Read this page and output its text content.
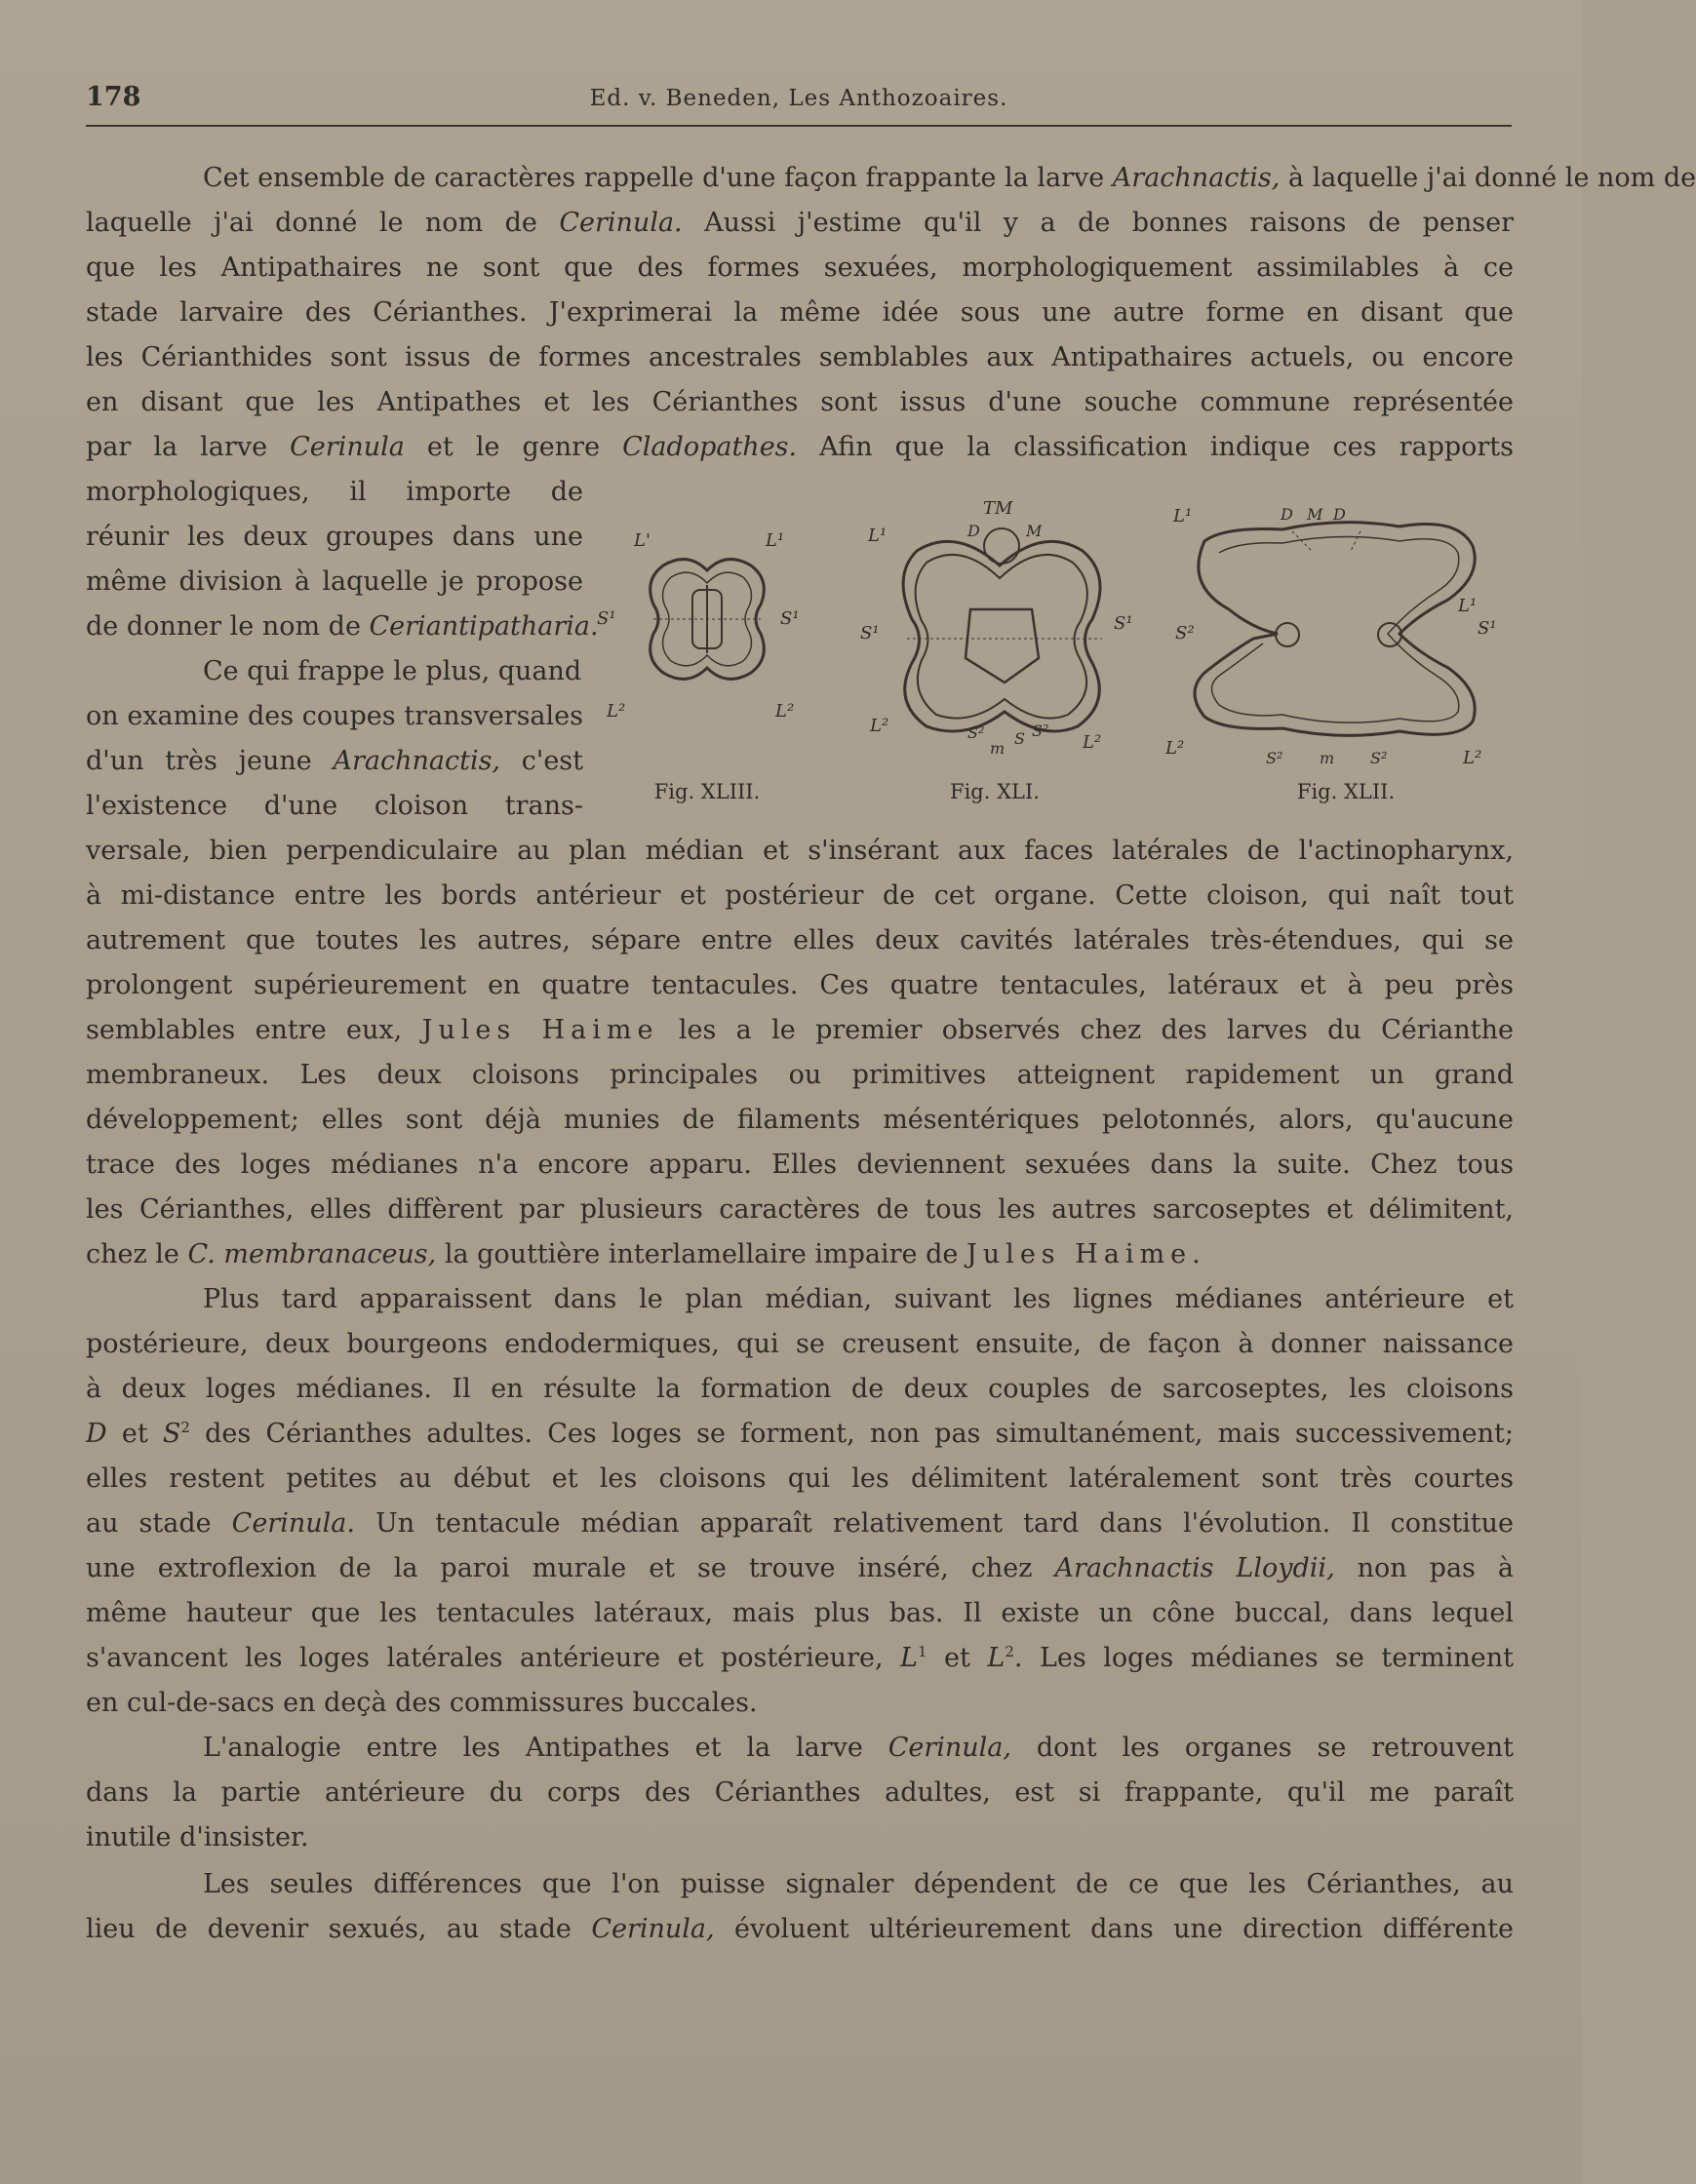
178	Ed. v. Beneden, Les Anthozoaires.
Cet ensemble de caractères rappelle d'une façon frappante la larve Arachnactis, à laquelle j'ai donné le nom de
laquelle j'ai donné le nom de Cerinula. Aussi j'estime qu'il y a de bonnes raisons de penser
que les Antipathaires ne sont que des formes sexuées, morphologiquement assimilables à ce
stade larvaire des Cérianthes. J'exprimerai la même idée sous une autre forme en disant que
les Cérianthides sont issus de formes ancestrales semblables aux Antipathaires actuels, ou encore
en disant que les Antipathes et les Cérianthes sont issus d'une souche commune représentée
par la larve Cerinula et le genre Cladopathes. Afin que la classification indique ces rapports
morphologiques, il importe de
réunir les deux groupes dans une
même division à laquelle je propose
de donner le nom de Ceriantipatharia.
Ce qui frappe le plus, quand
on examine des coupes transversales
d'un très jeune Arachnactis, c'est
l'existence d'une cloison trans-
L'	L¹
S¹	S¹
L²	L²
Fig. XLIII.
TM
D	M
L¹
S¹	S¹
L²	S²
m
S S²
L²
Fig. XLI.
L¹	D M D
L¹
S¹
S²
L²	S² m S²	L²
Fig. XLII.
versale, bien perpendiculaire au plan médian et s'insérant aux faces latérales de l'actinopharynx,
à mi-distance entre les bords antérieur et postérieur de cet organe. Cette cloison, qui naît tout
autrement que toutes les autres, sépare entre elles deux cavités latérales très-étendues, qui se
prolongent supérieurement en quatre tentacules. Ces quatre tentacules, latéraux et à peu près
semblables entre eux, Jules Haime les a le premier observés chez des larves du Cérianthe
membraneux. Les deux cloisons principales ou primitives atteignent rapidement un grand
développement; elles sont déjà munies de filaments mésentériques pelotonnés, alors, qu'aucune
trace des loges médianes n'a encore apparu. Elles deviennent sexuées dans la suite. Chez tous
les Cérianthes, elles diffèrent par plusieurs caractères de tous les autres sarcoseptes et délimitent,
chez le C. membranaceus, la gouttière interlamellaire impaire de Jules Haime.
Plus tard apparaissent dans le plan médian, suivant les lignes médianes antérieure et
postérieure, deux bourgeons endodermiques, qui se creusent ensuite, de façon à donner naissance
à deux loges médianes. Il en résulte la formation de deux couples de sarcoseptes, les cloisons
D et $S^2$ des Cérianthes adultes. Ces loges se forment, non pas simultanément, mais successivement;
elles restent petites au début et les cloisons qui les délimitent latéralement sont très courtes
au stade Cerinula. Un tentacule médian apparaît relativement tard dans l'évolution. Il constitue
une extroflexion de la paroi murale et se trouve inséré, chez Arachnactis Lloydii, non pas à
même hauteur que les tentacules latéraux, mais plus bas. Il existe un cône buccal, dans lequel
s'avancent les loges latérales antérieure et postérieure, $L^1$ et $L^2$. Les loges médianes se terminent
en cul-de-sacs en deçà des commissures buccales.
L'analogie entre les Antipathes et la larve Cerinula, dont les organes se retrouvent
dans la partie antérieure du corps des Cérianthes adultes, est si frappante, qu'il me paraît
inutile d'insister.
Les seules différences que l'on puisse signaler dépendent de ce que les Cérianthes, au
lieu de devenir sexués, au stade Cerinula, évoluent ultérieurement dans une direction différente
